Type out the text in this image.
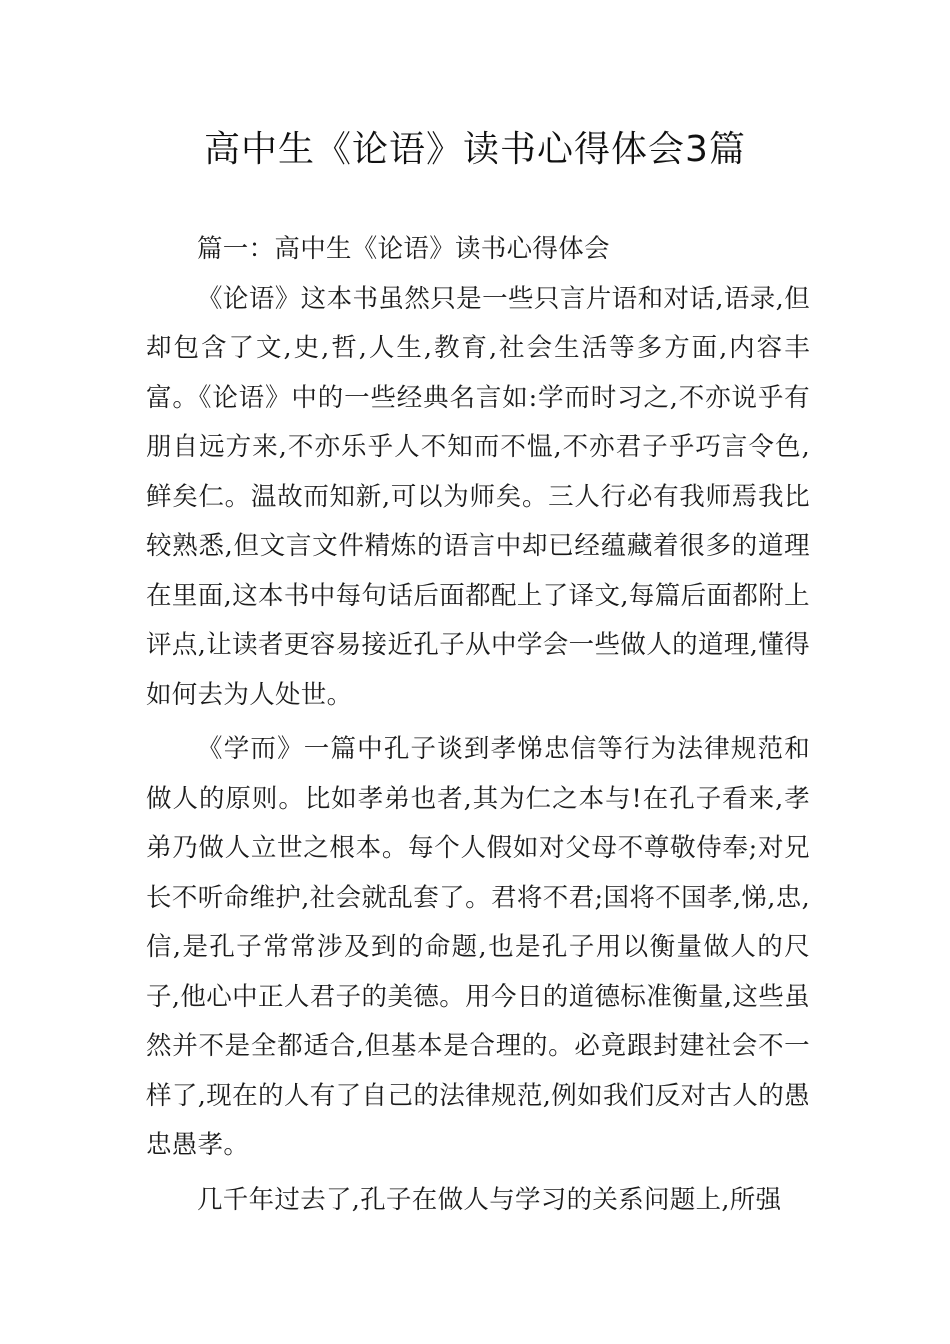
高中生《论语》读书心得体会3篇

篇一：高中生《论语》读书心得体会

《论语》这本书虽然只是一些只言片语和对话,语录,但却包含了文,史,哲,人生,教育,社会生活等多方面,内容丰富。《论语》中的一些经典名言如:学而时习之,不亦说乎有朋自远方来,不亦乐乎人不知而不愠,不亦君子乎巧言令色,鲜矣仁。温故而知新,可以为师矣。三人行必有我师焉我比较熟悉,但文言文件精炼的语言中却已经蕴藏着很多的道理在里面,这本书中每句话后面都配上了译文,每篇后面都附上评点,让读者更容易接近孔子从中学会一些做人的道理,懂得如何去为人处世。

《学而》一篇中孔子谈到孝悌忠信等行为法律规范和做人的原则。比如孝弟也者,其为仁之本与!在孔子看来,孝弟乃做人立世之根本。每个人假如对父母不尊敬侍奉;对兄长不听命维护,社会就乱套了。君将不君;国将不国孝,悌,忠,信,是孔子常常涉及到的命题,也是孔子用以衡量做人的尺子,他心中正人君子的美德。用今日的道德标准衡量,这些虽然并不是全都适合,但基本是合理的。必竟跟封建社会不一样了,现在的人有了自己的法律规范,例如我们反对古人的愚忠愚孝。

几千年过去了,孔子在做人与学习的关系问题上,所强
